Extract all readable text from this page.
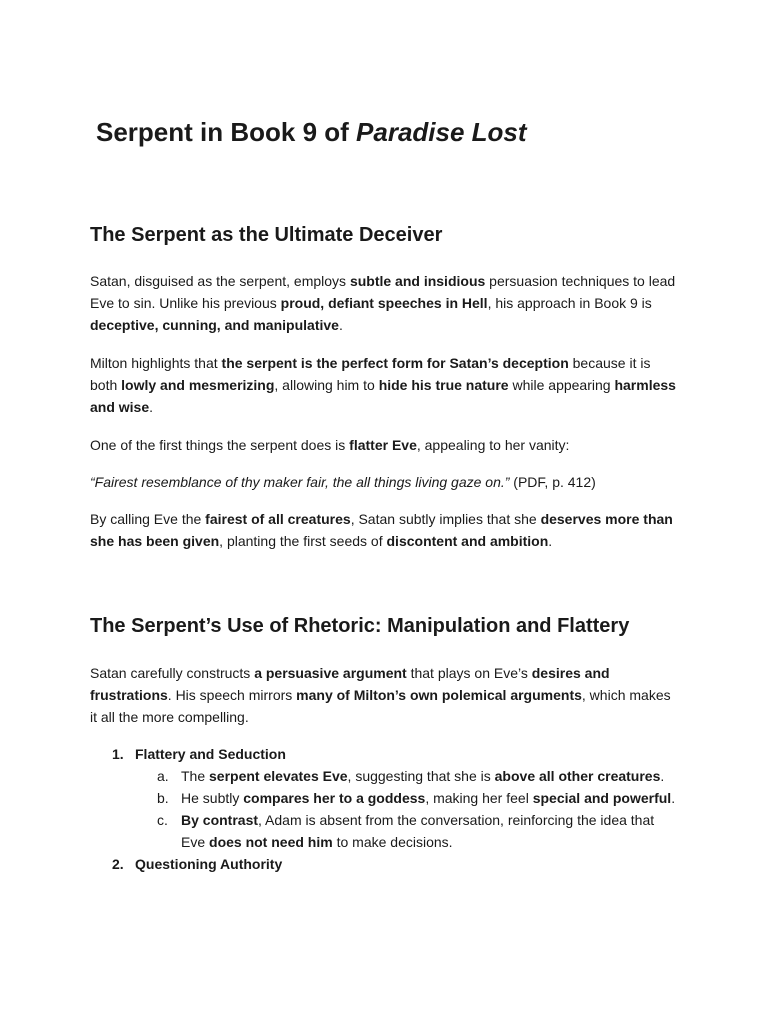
Serpent in Book 9 of Paradise Lost
The Serpent as the Ultimate Deceiver

Satan, disguised as the serpent, employs subtle and insidious persuasion techniques to lead Eve to sin. Unlike his previous proud, defiant speeches in Hell, his approach in Book 9 is deceptive, cunning, and manipulative.

Milton highlights that the serpent is the perfect form for Satan’s deception because it is both lowly and mesmerizing, allowing him to hide his true nature while appearing harmless and wise.

One of the first things the serpent does is flatter Eve, appealing to her vanity:

“Fairest resemblance of thy maker fair, the all things living gaze on.” (PDF, p. 412)

By calling Eve the fairest of all creatures, Satan subtly implies that she deserves more than she has been given, planting the first seeds of discontent and ambition.

The Serpent’s Use of Rhetoric: Manipulation and Flattery

Satan carefully constructs a persuasive argument that plays on Eve’s desires and frustrations. His speech mirrors many of Milton’s own polemical arguments, which makes it all the more compelling.

1. Flattery and Seduction
a. The serpent elevates Eve, suggesting that she is above all other creatures.
b. He subtly compares her to a goddess, making her feel special and powerful.
c. By contrast, Adam is absent from the conversation, reinforcing the idea that Eve does not need him to make decisions.
2. Questioning Authority
